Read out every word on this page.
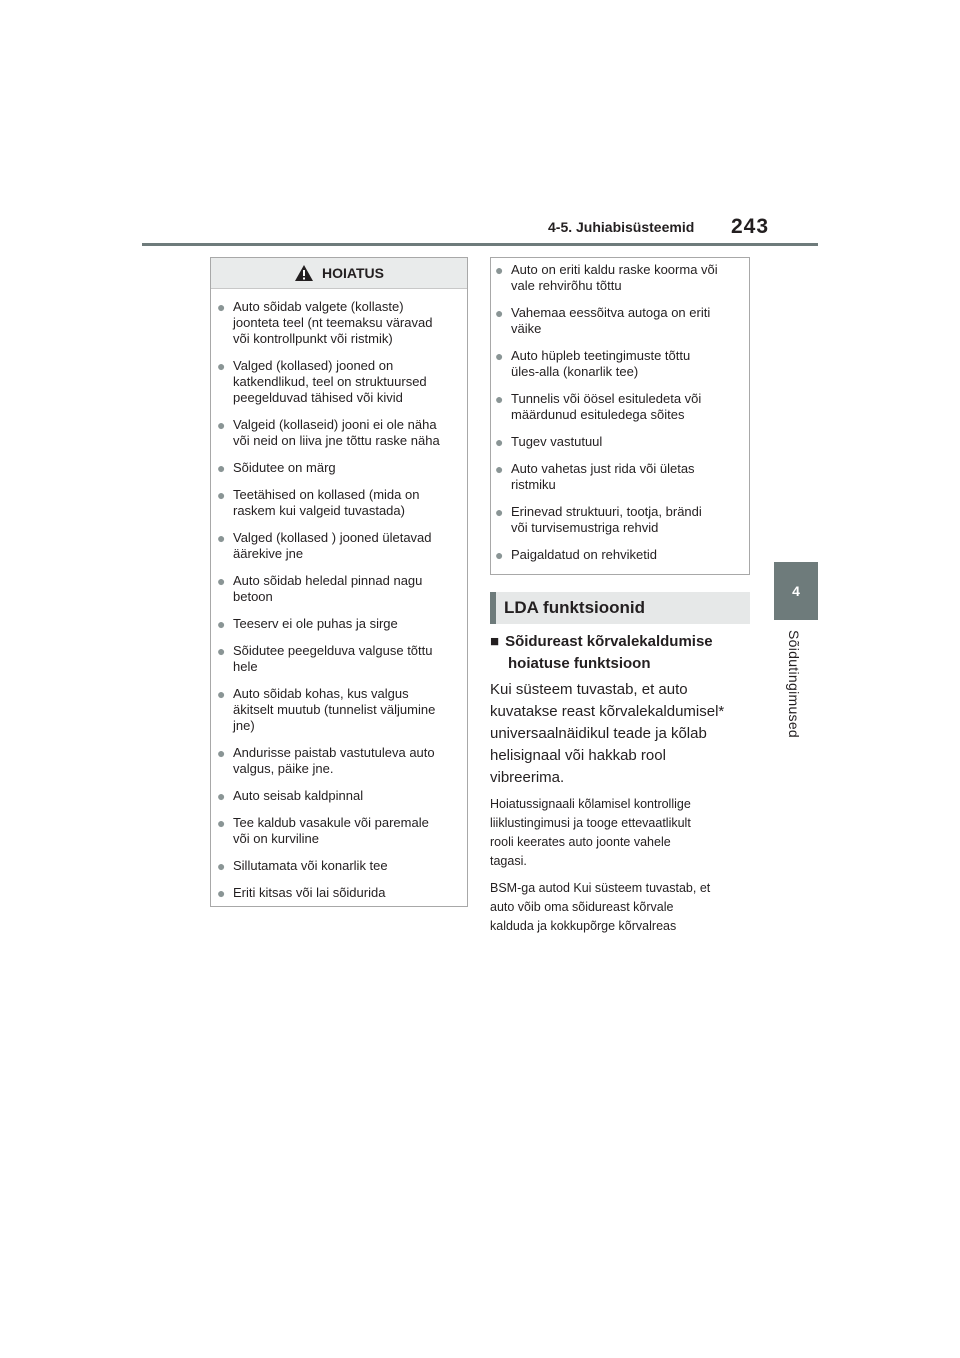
4-5. Juhiabisüsteemid 243
4
Sõidutingimused
HOIATUS
● Auto sõidab valgete (kollaste)
joonteta teel (nt teemaksu väravad
või kontrollpunkt või ristmik)
● Valged (kollased) jooned on
katkendlikud, teel on struktuursed
peegelduvad tähised või kivid
● Valgeid (kollaseid) jooni ei ole näha
või neid on liiva jne tõttu raske näha
● Sõidutee on märg
● Teetähised on kollased (mida on
raskem kui valgeid tuvastada)
● Valged (kollased ) jooned ületavad
äärekive jne
● Auto sõidab heledal pinnad nagu
betoon
● Teeserv ei ole puhas ja sirge
● Sõidutee peegelduva valguse tõttu
hele
● Auto sõidab kohas, kus valgus
äkitselt muutub (tunnelist väljumine
jne)
● Andurisse paistab vastutuleva auto
valgus, päike jne.
● Auto seisab kaldpinnal
● Tee kaldub vasakule või paremale
või on kurviline
● Sillutamata või konarlik tee
● Eriti kitsas või lai sõidurida
● Auto on eriti kaldu raske koorma või
vale rehvirõhu tõttu
● Vahemaa eessõitva autoga on eriti
väike
● Auto hüpleb teetingimuste tõttu
üles-alla (konarlik tee)
● Tunnelis või öösel esituledeta või
määrdunud esituledega sõites
● Tugev vastutuul
● Auto vahetas just rida või ületas
ristmiku
● Erinevad struktuuri, tootja, brändi
või turvisemustriga rehvid
● Paigaldatud on rehviketid
LDA funktsioonid
■ Sõidureast kõrvalekaldumise
hoiatuse funktsioon
Kui süsteem tuvastab, et auto
kuvatakse reast kõrvalekaldumisel*
universaalnäidikul teade ja kõlab
helisignaal või hakkab rool
vibreerima.
Hoiatussignaali kõlamisel kontrollige
liiklustingimusi ja tooge ettevaatlikult
rooli keerates auto joonte vahele
tagasi.
BSM-ga autod Kui süsteem tuvastab, et
auto võib oma sõidureast kõrvale
kalduda ja kokkupõrge kõrvalreas
